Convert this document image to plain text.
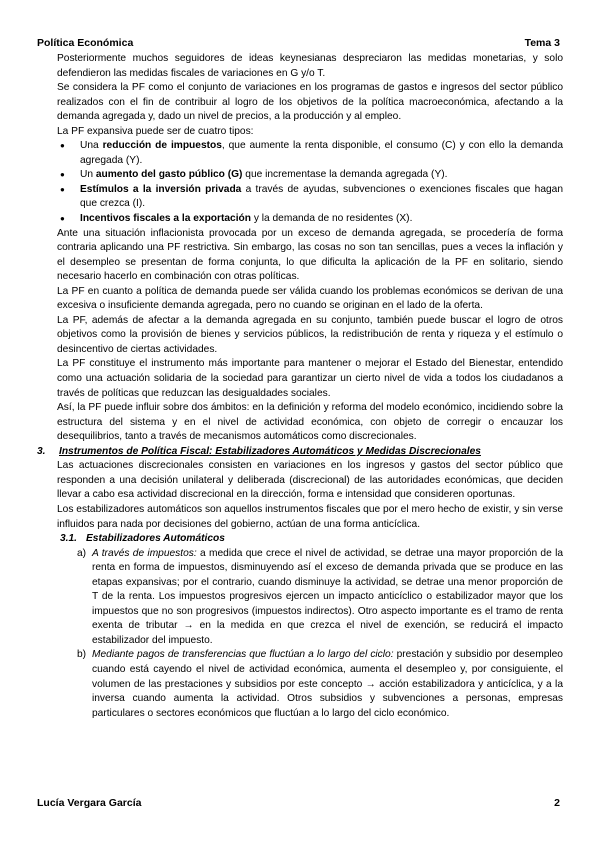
Política Económica	Tema 3

Posteriormente muchos seguidores de ideas keynesianas despreciaron las medidas monetarias, y solo defendieron las medidas fiscales de variaciones en G y/o T.

Se considera la PF como el conjunto de variaciones en los programas de gastos e ingresos del sector público realizados con el fin de contribuir al logro de los objetivos de la política macroeconómica, afectando a la demanda agregada y, dado un nivel de precios, a la producción y al empleo.

La PF expansiva puede ser de cuatro tipos:

● Una reducción de impuestos, que aumente la renta disponible, el consumo (C) y con ello la demanda agregada (Y).
● Un aumento del gasto público (G) que incrementase la demanda agregada (Y).
● Estímulos a la inversión privada a través de ayudas, subvenciones o exenciones fiscales que hagan que crezca (I).
● Incentivos fiscales a la exportación y la demanda de no residentes (X).

Ante una situación inflacionista provocada por un exceso de demanda agregada, se procedería de forma contraria aplicando una PF restrictiva. Sin embargo, las cosas no son tan sencillas, pues a veces la inflación y el desempleo se presentan de forma conjunta, lo que dificulta la aplicación de la PF en solitario, siendo necesario hacerlo en combinación con otras políticas.

La PF en cuanto a política de demanda puede ser válida cuando los problemas económicos se derivan de una excesiva o insuficiente demanda agregada, pero no cuando se originan en el lado de la oferta.

La PF, además de afectar a la demanda agregada en su conjunto, también puede buscar el logro de otros objetivos como la provisión de bienes y servicios públicos, la redistribución de renta y riqueza y el estímulo o desincentivo de ciertas actividades.

La PF constituye el instrumento más importante para mantener o mejorar el Estado del Bienestar, entendido como una actuación solidaria de la sociedad para garantizar un cierto nivel de vida a todos los ciudadanos a través de políticas que reduzcan las desigualdades sociales.

Así, la PF puede influir sobre dos ámbitos: en la definición y reforma del modelo económico, incidiendo sobre la estructura del sistema y en el nivel de actividad económica, con objeto de corregir o encauzar los desequilibrios, tanto a través de mecanismos automáticos como discrecionales.

3. Instrumentos de Política Fiscal: Estabilizadores Automáticos y Medidas Discrecionales

Las actuaciones discrecionales consisten en variaciones en los ingresos y gastos del sector público que responden a una decisión unilateral y deliberada (discrecional) de las autoridades económicas, que deciden llevar a cabo esa actividad discrecional en la dirección, forma e intensidad que consideren oportunas.

Los estabilizadores automáticos son aquellos instrumentos fiscales que por el mero hecho de existir, y sin verse influidos para nada por decisiones del gobierno, actúan de una forma anticíclica.

3.1. Estabilizadores Automáticos
a) A través de impuestos: a medida que crece el nivel de actividad, se detrae una mayor proporción de la renta en forma de impuestos, disminuyendo así el exceso de demanda privada que se produce en las etapas expansivas; por el contrario, cuando disminuye la actividad, se detrae una menor proporción de T de la renta. Los impuestos progresivos ejercen un impacto anticíclico o estabilizador mayor que los impuestos que no son progresivos (impuestos indirectos). Otro aspecto importante es el tramo de renta exenta de tributar → en la medida en que crezca el nivel de exención, se reducirá el impacto estabilizador del impuesto.
b) Mediante pagos de transferencias que fluctúan a lo largo del ciclo: prestación y subsidio por desempleo cuando está cayendo el nivel de actividad económica, aumenta el desempleo y, por consiguiente, el volumen de las prestaciones y subsidios por este concepto → acción estabilizadora y anticíclica, y a la inversa cuando aumenta la actividad. Otros subsidios y subvenciones a personas, empresas particulares o sectores económicos que fluctúan a lo largo del ciclo económico.
Lucía Vergara García	2
